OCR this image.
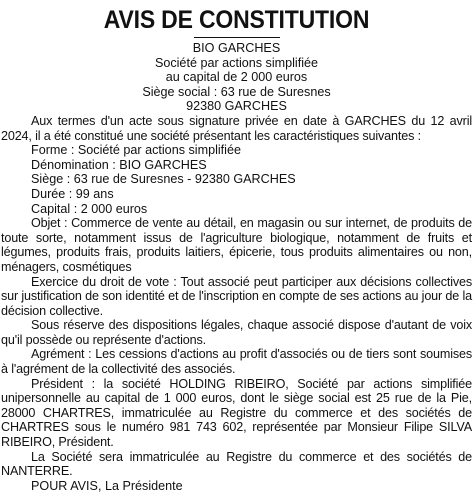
AVIS DE CONSTITUTION
BIO GARCHES
Société par actions simplifiée
au capital de 2 000 euros
Siège social : 63 rue de Suresnes
92380 GARCHES

Aux termes d'un acte sous signature privée en date à GARCHES du 12 avril 2024, il a été constitué une société présentant les caractéristiques suivantes :

Forme : Société par actions simplifiée

Dénomination : BIO GARCHES

Siège : 63 rue de Suresnes - 92380 GARCHES

Durée : 99 ans

Capital : 2 000 euros

Objet : Commerce de vente au détail, en magasin ou sur internet, de produits de toute sorte, notamment issus de l'agriculture biologique, notamment de fruits et légumes, produits frais, produits laitiers, épicerie, tous produits alimentaires ou non, ménagers, cosmétiques

Exercice du droit de vote : Tout associé peut participer aux décisions collectives sur justification de son identité et de l'inscription en compte de ses actions au jour de la décision collective.

Sous réserve des dispositions légales, chaque associé dispose d'autant de voix qu'il possède ou représente d'actions.

Agrément : Les cessions d'actions au profit d'associés ou de tiers sont soumises à l'agrément de la collectivité des associés.

Président : la société HOLDING RIBEIRO, Société par actions simplifiée unipersonnelle au capital de 1 000 euros, dont le siège social est 25 rue de la Pie, 28000 CHARTRES, immatriculée au Registre du commerce et des sociétés de CHARTRES sous le numéro 981 743 602, représentée par Monsieur Filipe SILVA RIBEIRO, Président.

La Société sera immatriculée au Registre du commerce et des sociétés de NANTERRE.

POUR AVIS, La Présidente
